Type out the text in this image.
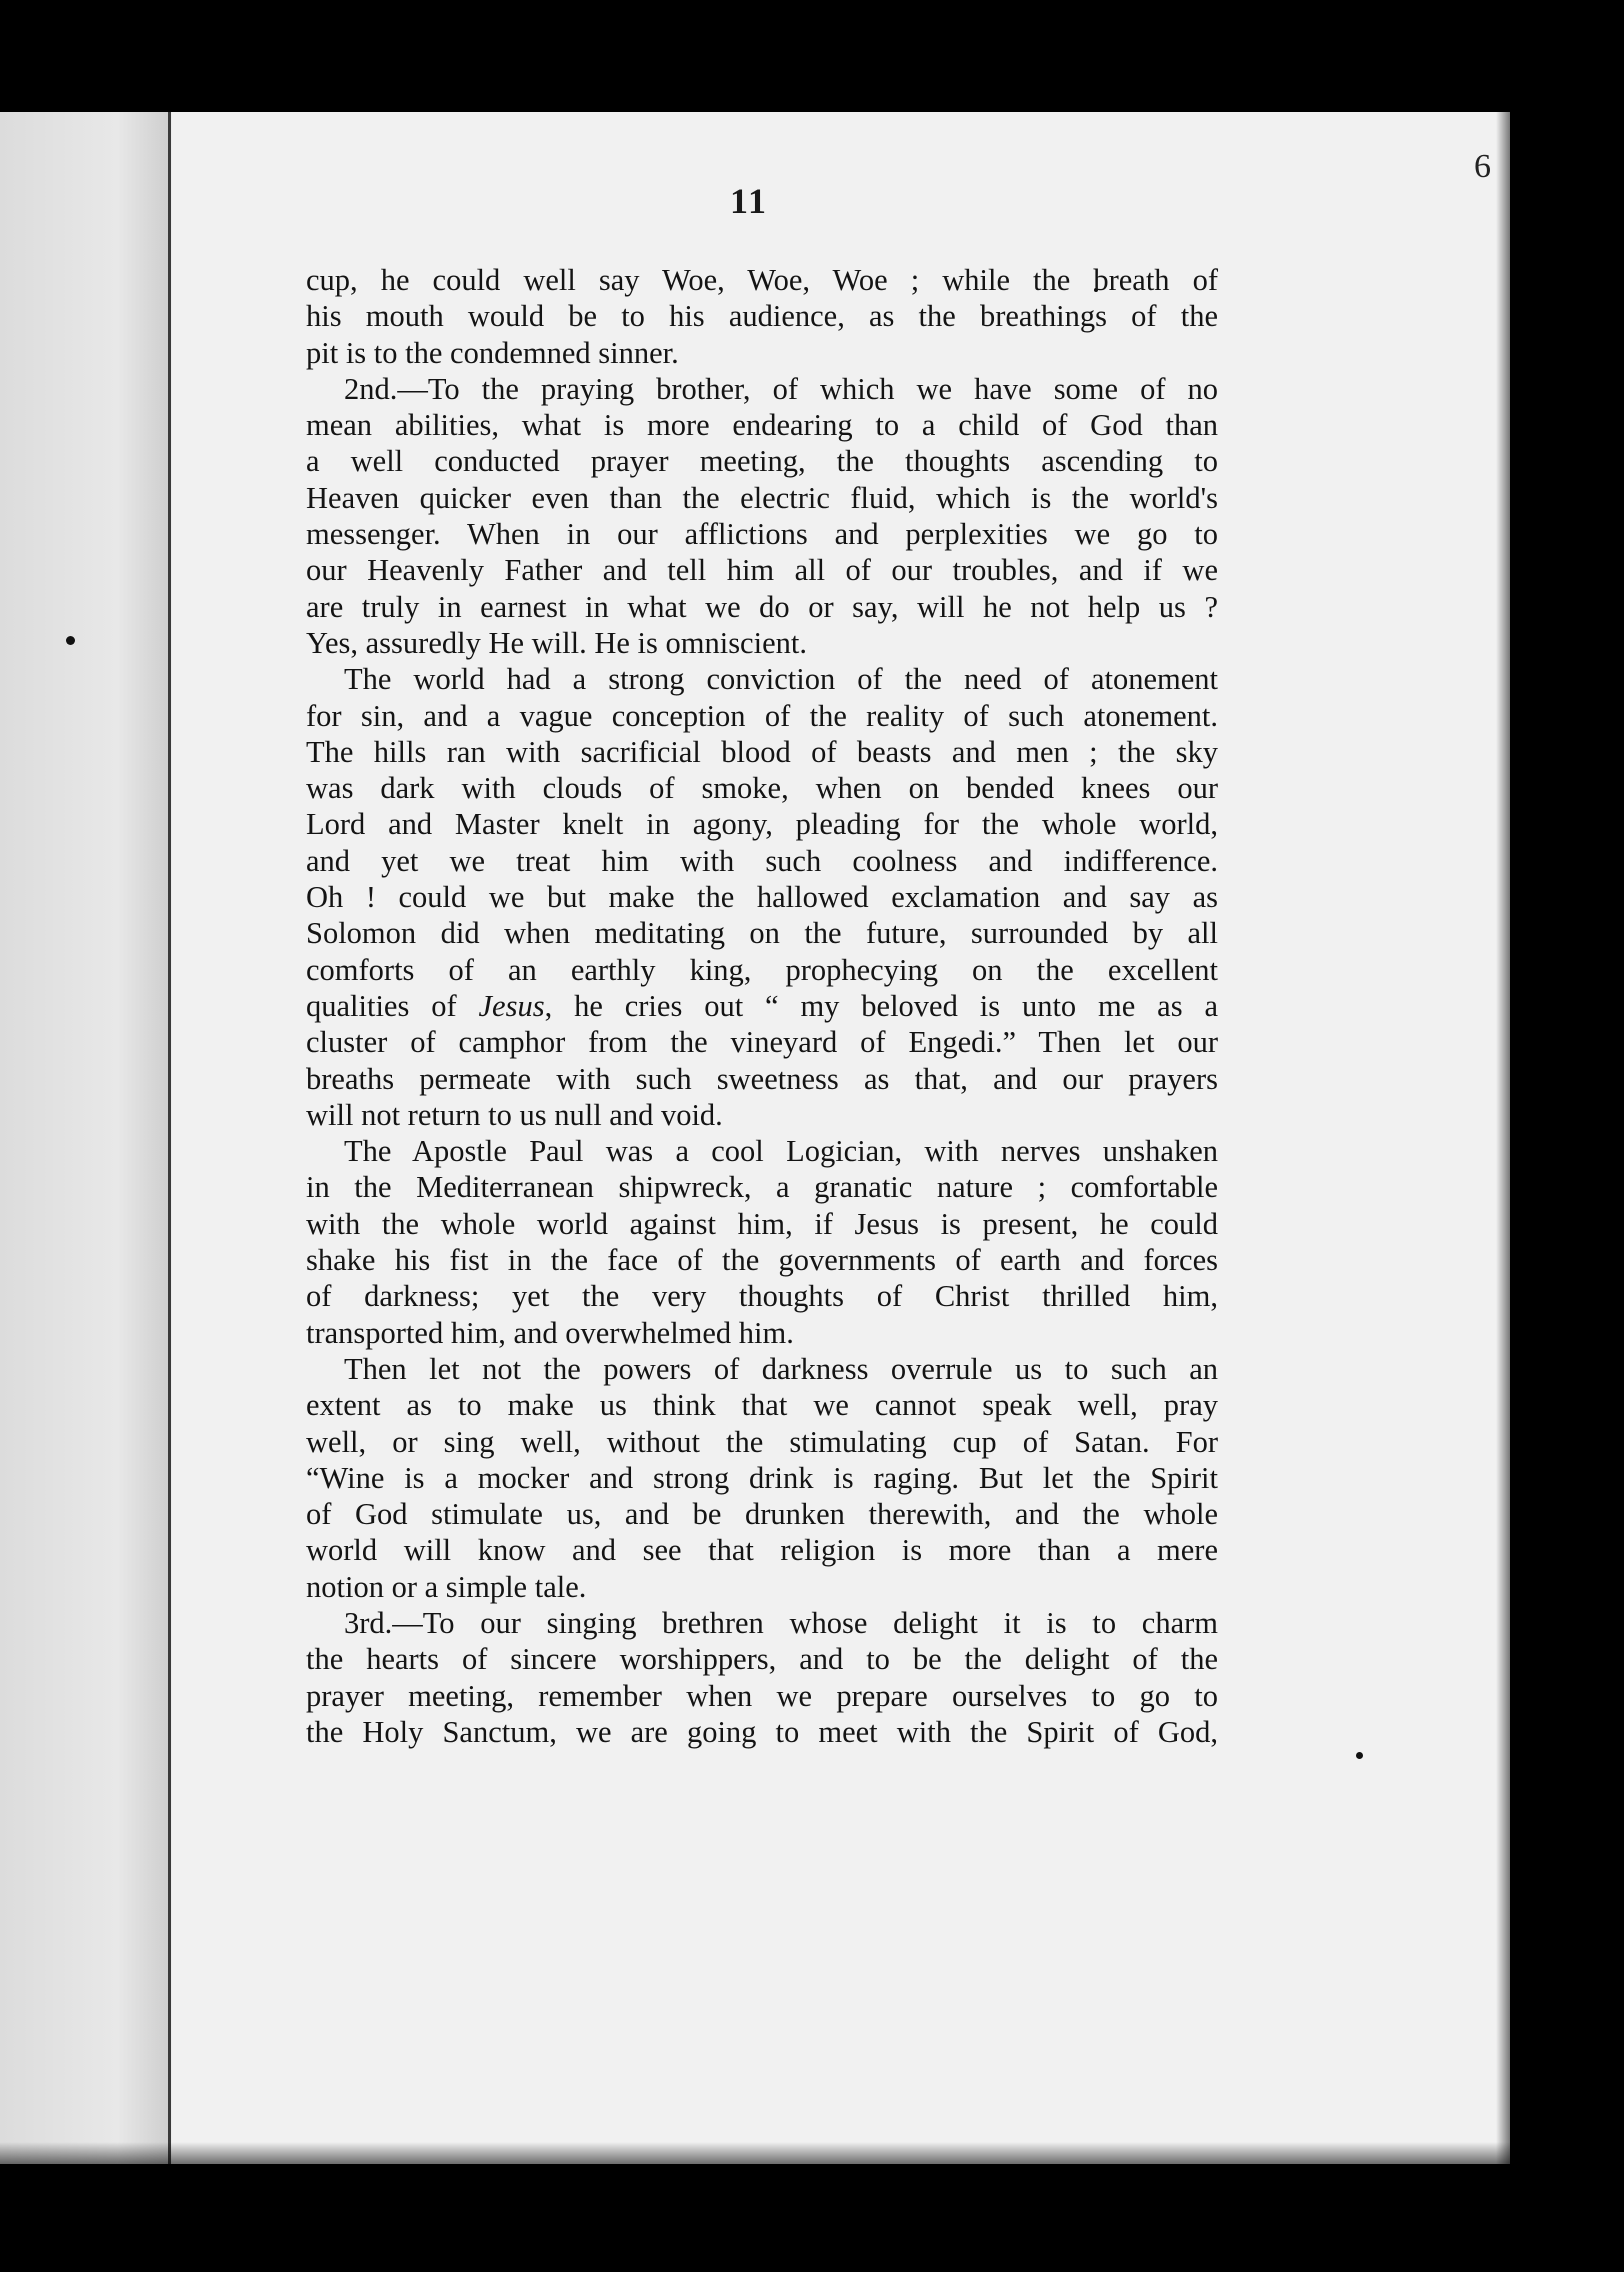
6
11
cup, he could well say Woe, Woe, Woe ; while the breath of
his mouth would be to his audience, as the breathings of the
pit is to the condemned sinner.
2nd.—To the praying brother, of which we have some of no
mean abilities, what is more endearing to a child of God than
a well conducted prayer meeting, the thoughts ascending to
Heaven quicker even than the electric fluid, which is the world's
messenger. When in our afflictions and perplexities we go to
our Heavenly Father and tell him all of our troubles, and if we
are truly in earnest in what we do or say, will he not help us ?
Yes, assuredly He will. He is omniscient.
The world had a strong conviction of the need of atonement
for sin, and a vague conception of the reality of such atonement.
The hills ran with sacrificial blood of beasts and men ; the sky
was dark with clouds of smoke, when on bended knees our
Lord and Master knelt in agony, pleading for the whole world,
and yet we treat him with such coolness and indifference.
Oh ! could we but make the hallowed exclamation and say as
Solomon did when meditating on the future, surrounded by all
comforts of an earthly king, prophecying on the excellent
qualities of Jesus, he cries out “ my beloved is unto me as a
cluster of camphor from the vineyard of Engedi.” Then let our
breaths permeate with such sweetness as that, and our prayers
will not return to us null and void.
The Apostle Paul was a cool Logician, with nerves unshaken
in the Mediterranean shipwreck, a granatic nature ; comfortable
with the whole world against him, if Jesus is present, he could
shake his fist in the face of the governments of earth and forces
of darkness; yet the very thoughts of Christ thrilled him,
transported him, and overwhelmed him.
Then let not the powers of darkness overrule us to such an
extent as to make us think that we cannot speak well, pray
well, or sing well, without the stimulating cup of Satan. For
“Wine is a mocker and strong drink is raging. But let the Spirit
of God stimulate us, and be drunken therewith, and the whole
world will know and see that religion is more than a mere
notion or a simple tale.
3rd.—To our singing brethren whose delight it is to charm
the hearts of sincere worshippers, and to be the delight of the
prayer meeting, remember when we prepare ourselves to go to
the Holy Sanctum, we are going to meet with the Spirit of God,
